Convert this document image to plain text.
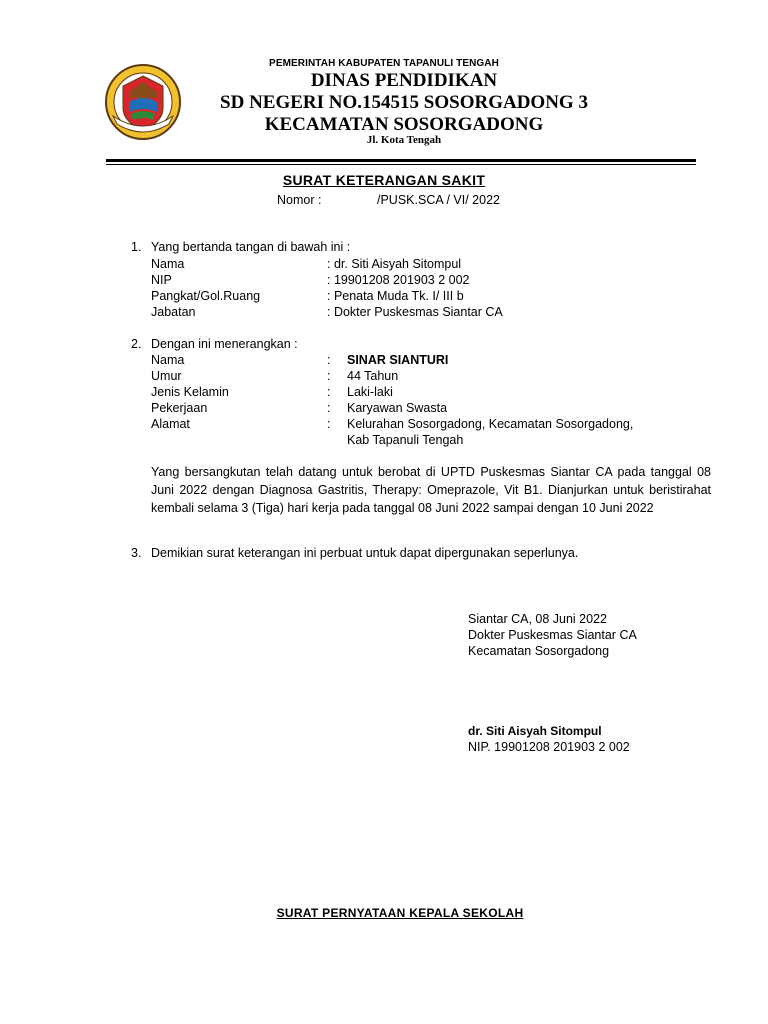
PEMERINTAH KABUPATEN TAPANULI TENGAH
DINAS PENDIDIKAN
SD NEGERI NO.154515 SOSORGADONG 3
KECAMATAN SOSORGADONG
Jl. Kota Tengah
SURAT KETERANGAN SAKIT
Nomor :	/PUSK.SCA / VI/ 2022
1. Yang bertanda tangan di bawah ini :
Nama	: dr. Siti Aisyah Sitompul
NIP	: 19901208 201903 2 002
Pangkat/Gol.Ruang	: Penata Muda Tk. I/ III b
Jabatan	: Dokter Puskesmas Siantar CA
2. Dengan ini menerangkan :
Nama	: SINAR SIANTURI
Umur	: 44 Tahun
Jenis Kelamin	: Laki-laki
Pekerjaan	: Karyawan Swasta
Alamat	: Kelurahan Sosorgadong, Kecamatan Sosorgadong,
Kab Tapanuli Tengah
Yang bersangkutan telah datang untuk berobat di UPTD Puskesmas Siantar CA pada tanggal 08 Juni 2022 dengan Diagnosa Gastritis, Therapy: Omeprazole, Vit B1. Dianjurkan untuk beristirahat kembali selama 3 (Tiga) hari kerja pada tanggal 08 Juni 2022 sampai dengan 10 Juni 2022
3. Demikian surat keterangan ini perbuat untuk dapat dipergunakan seperlunya.
Siantar CA, 08 Juni 2022
Dokter Puskesmas Siantar CA
Kecamatan Sosorgadong
dr. Siti Aisyah Sitompul
NIP. 19901208 201903 2 002
SURAT PERNYATAAN KEPALA SEKOLAH
